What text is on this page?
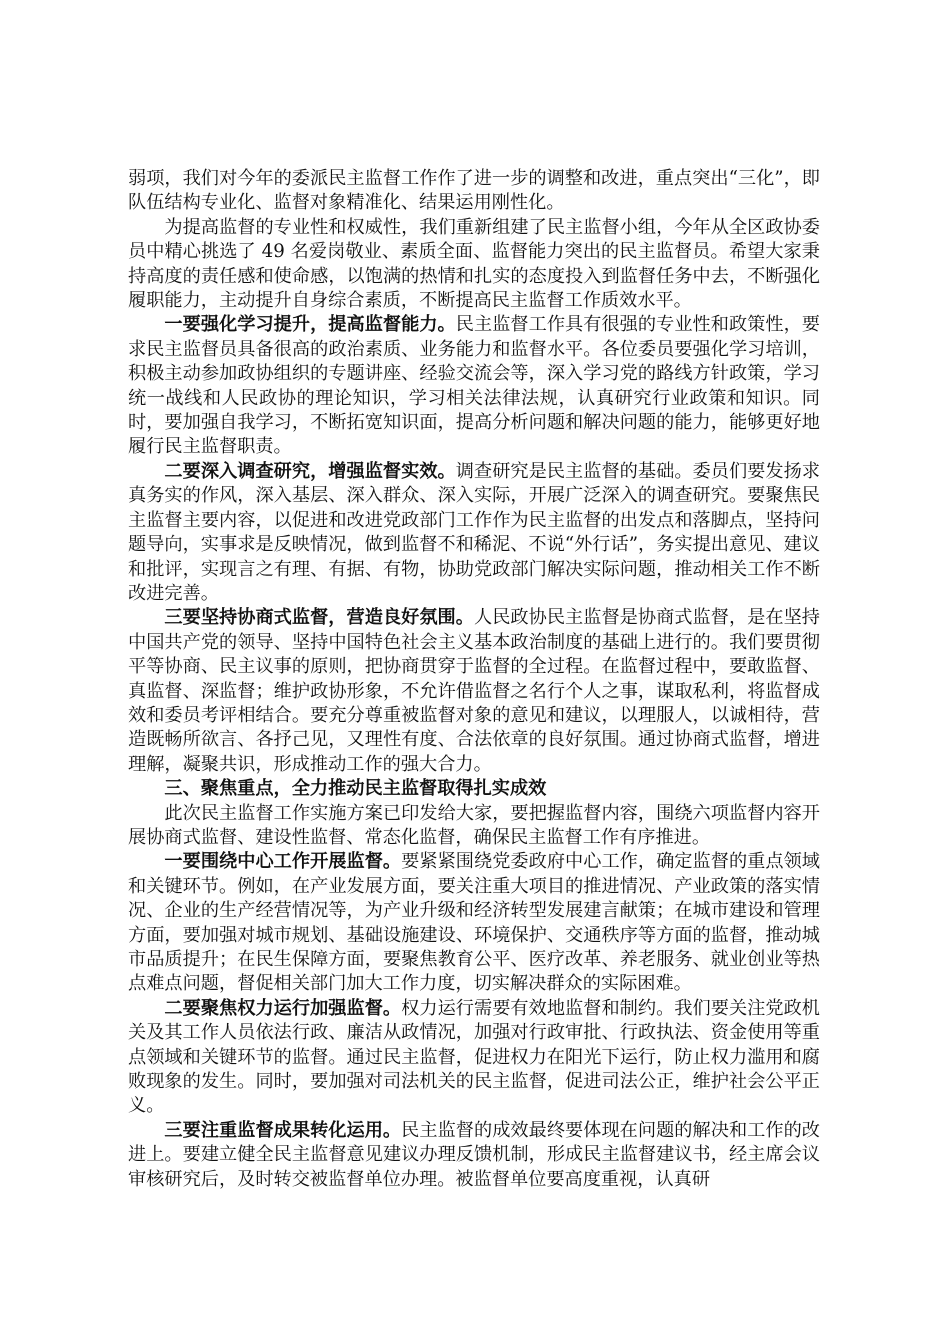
弱项，我们对今年的委派民主监督工作作了进一步的调整和改进，重点突出“三化”，即队伍结构专业化、监督对象精准化、结果运用刚性化。

为提高监督的专业性和权威性，我们重新组建了民主监督小组，今年从全区政协委员中精心挑选了 49 名爱岗敬业、素质全面、监督能力突出的民主监督员。希望大家秉持高度的责任感和使命感，以饱满的热情和扎实的态度投入到监督任务中去，不断强化履职能力，主动提升自身综合素质，不断提高民主监督工作质效水平。

一要强化学习提升，提高监督能力。民主监督工作具有很强的专业性和政策性，要求民主监督员具备很高的政治素质、业务能力和监督水平。各位委员要强化学习培训，积极主动参加政协组织的专题讲座、经验交流会等，深入学习党的路线方针政策，学习统一战线和人民政协的理论知识，学习相关法律法规，认真研究行业政策和知识。同时，要加强自我学习，不断拓宽知识面，提高分析问题和解决问题的能力，能够更好地履行民主监督职责。

二要深入调查研究，增强监督实效。调查研究是民主监督的基础。委员们要发扬求真务实的作风，深入基层、深入群众、深入实际，开展广泛深入的调查研究。要聚焦民主监督主要内容，以促进和改进党政部门工作作为民主监督的出发点和落脚点，坚持问题导向，实事求是反映情况，做到监督不和稀泥、不说“外行话”，务实提出意见、建议和批评，实现言之有理、有据、有物，协助党政部门解决实际问题，推动相关工作不断改进完善。

三要坚持协商式监督，营造良好氛围。人民政协民主监督是协商式监督，是在坚持中国共产党的领导、坚持中国特色社会主义基本政治制度的基础上进行的。我们要贯彻平等协商、民主议事的原则，把协商贯穿于监督的全过程。在监督过程中，要敢监督、真监督、深监督；维护政协形象，不允许借监督之名行个人之事，谋取私利，将监督成效和委员考评相结合。要充分尊重被监督对象的意见和建议，以理服人，以诚相待，营造既畅所欲言、各抒己见，又理性有度、合法依章的良好氛围。通过协商式监督，增进理解，凝聚共识，形成推动工作的强大合力。

三、聚焦重点，全力推动民主监督取得扎实成效

此次民主监督工作实施方案已印发给大家，要把握监督内容，围绕六项监督内容开展协商式监督、建设性监督、常态化监督，确保民主监督工作有序推进。

一要围绕中心工作开展监督。要紧紧围绕党委政府中心工作，确定监督的重点领域和关键环节。例如，在产业发展方面，要关注重大项目的推进情况、产业政策的落实情况、企业的生产经营情况等，为产业升级和经济转型发展建言献策；在城市建设和管理方面，要加强对城市规划、基础设施建设、环境保护、交通秩序等方面的监督，推动城市品质提升；在民生保障方面，要聚焦教育公平、医疗改革、养老服务、就业创业等热点难点问题，督促相关部门加大工作力度，切实解决群众的实际困难。

二要聚焦权力运行加强监督。权力运行需要有效地监督和制约。我们要关注党政机关及其工作人员依法行政、廉洁从政情况，加强对行政审批、行政执法、资金使用等重点领域和关键环节的监督。通过民主监督，促进权力在阳光下运行，防止权力滥用和腐败现象的发生。同时，要加强对司法机关的民主监督，促进司法公正，维护社会公平正义。

三要注重监督成果转化运用。民主监督的成效最终要体现在问题的解决和工作的改进上。要建立健全民主监督意见建议办理反馈机制，形成民主监督建议书，经主席会议审核研究后，及时转交被监督单位办理。被监督单位要高度重视，认真研
